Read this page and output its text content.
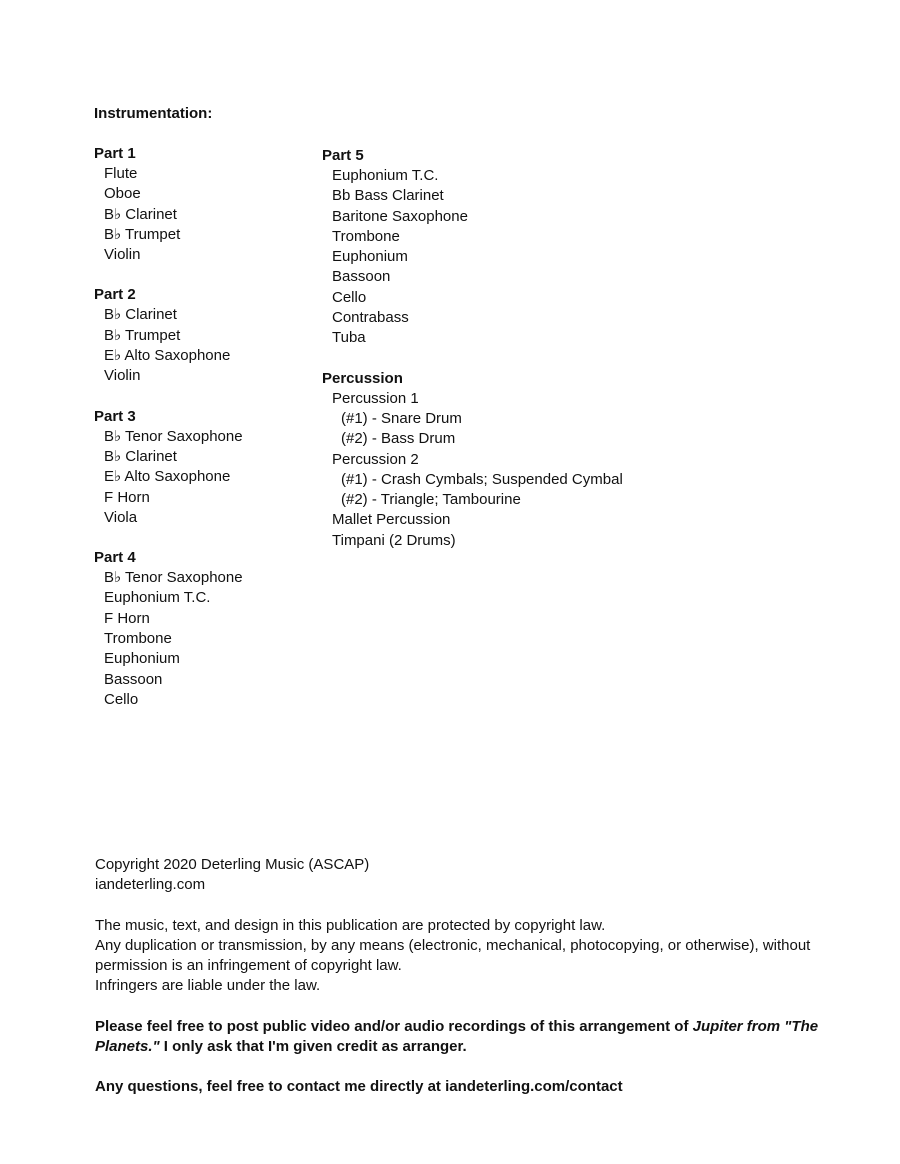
Instrumentation:

Part 1

Flute
Oboe
B♭ Clarinet
B♭ Trumpet
Violin

Part 2

B♭ Clarinet
B♭ Trumpet
E♭ Alto Saxophone
Violin

Part 3

B♭ Tenor Saxophone
B♭ Clarinet
E♭ Alto Saxophone
F Horn
Viola

Part 4

B♭ Tenor Saxophone
Euphonium T.C.
F Horn
Trombone
Euphonium
Bassoon
Cello

Part 5

Euphonium T.C.
Bb Bass Clarinet
Baritone Saxophone
Trombone
Euphonium
Bassoon
Cello
Contrabass
Tuba

Percussion

Percussion 1
(#1) - Snare Drum
(#2) - Bass Drum
Percussion 2
(#1) - Crash Cymbals; Suspended Cymbal
(#2) - Triangle; Tambourine
Mallet Percussion
Timpani (2 Drums)

Copyright 2020 Deterling Music (ASCAP)

iandeterling.com

The music, text, and design in this publication are protected by copyright law.

Any duplication or transmission, by any means (electronic, mechanical, photocopying, or otherwise), without permission is an infringement of copyright law.

Infringers are liable under the law.

Please feel free to post public video and/or audio recordings of this arrangement of Jupiter from "The Planets." I only ask that I'm given credit as arranger.

Any questions, feel free to contact me directly at iandeterling.com/contact
